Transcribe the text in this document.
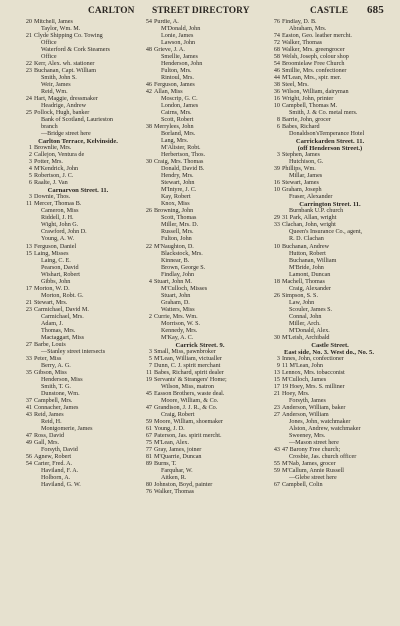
CARLTON STREET DIRECTORY	CASTLE 685
20 Mitchell, James
Taylor, Wm. M.
21 Clyde Shipping Co. Towing
Office
Waterford & Cork Steamers
Office
22 Kerr, Alex. wh. stationer
23 Buchanan, Capt. William
Smith, John S.
Weir, James
Reid, Wm.
24 Hart, Maggie, dressmaker
Headrige, Andrew
25 Pollock, Hugh, banker
Bank of Scotland, Laurieston
branch
—Bridge street here
Carlton Terrace, Kelvinside.
1 Brownlie, Mrs.
2 Callejon, Ventura de
3 Potter, Mrs.
4 M'Kendrick, John
5 Robertson, J. C.
6 Raalte, J. Van
Carnarvon Street. 11.
3 Downie, Thos.
11 Mercer, Thomas B.
Cameron, Miss
Riddell, J. H.
Wight, John G.
Crawford, John D.
Young, A. W.
13 Ferguson, Daniel
15 Laing, Misses
Laing, C. E.
Pearson, David
Wishart, Robert
Gibbs, John
17 Morton, W. D.
Morton, Robt. G.
21 Stewart, Mrs.
23 Carmichael, David M.
Carmichael, Mrs.
Adam, J.
Thomas, Mrs.
Mactaggart, Miss
27 Barbe, Louis
—Stanley street intersects
33 Peter, Miss
Berry, A. G.
35 Gibson, Miss
Henderson, Miss
Smith, T. G.
Dunstone, Wm.
37 Campbell, Mrs.
41 Connacher, James
43 Reid, James
Reid, H.
Montgomerie, James
47 Ross, David
49 Gall, Mrs.
Forsyth, David
56 Agnew, Robert
54 Carter, Fred. A.
Haviland, F. A.
Holborn, A.
Haviland, G. W.
54 Purdie, A.
M'Donald, John
Lonie, James
Lawson, John
48 Grieve, J. A.
Smellie, James
Henderson, John
Fulton, Mrs.
Rintoul, Mrs.
46 Ferguson, James
42 Allan, Miss
Moscrip, G. C.
London, James
Cairns, Mrs.
Scott, Robert
38 Merrylees, John
Borland, Mrs.
Lang, Mrs.
M'Alister, Robt.
Herbertson, Thos.
30 Craig, Mrs. Thomas
Donald, David B.
Hendry, Mrs.
Stewart, John
M'Intyre, J. C.
Kay, Robert
Knox, Miss
26 Browning, John
Scott, Thomas
Miller, Mrs. D.
Russell, Mrs.
Fulton, John
22 M'Naughton, D.
Blackstock, Mrs.
Kinnear, B.
Brown, George S.
Findlay, John
4 Stuart, John M.
M'Culloch, Misses
Stuart, John
Graham, D.
Watters, Miss
2 Currie, Mrs. Wm.
Morrison, W. S.
Kennedy, Mrs.
M'Kay, A. C.
Carrick Street. 9.
3 Small, Miss, pawnbroker
5 M'Lean, William, victualler
7 Dunn, C. J. spirit merchant
11 Babes, Richard, spirit dealer
19 Servants' & Strangers' Home;
Wilson, Miss, matron
45 Easson Brothers, waste deal.
Moore, William, & Co.
47 Grandison, J. J. R., & Co.
Craig, Robert
59 Moore, William, shoemaker
61 Young, J. D.
67 Paterson, Jas. spirit mercht.
75 M'Lean, Alex.
77 Gray, James, joiner
81 M'Quarrie, Duncan
89 Burns, T.
Farquhar, W.
Aitken, R.
80 Johnston, Boyd, painter
76 Walker, Thomas
76 Findlay, D. B.
Abraham, Mrs.
74 Easton, Geo. leather mercht.
72 Walker, Thomas
68 Walker, Mrs. greengrocer
58 Welsh, Joseph, colour shop
54 Broomielaw Free Church
46 Smillie, Mrs. confectioner
44 M'Lean, Mrs., spir. mer.
38 Steel, Mrs.
36 Wilson, William, dairyman
16 Wright, John, printer
10 Campbell, Thomas M.
Smith, J. & Co. metal mers.
8 Barrie, John, grocer
6 Babes, Richard
Donaldson'sTemperance Hotel
Carrickarden Street. 11.
(off Henderson Street.)
3 Stephen, James
Hutchison, G.
39 Phillips, Wm.
Millar, James
16 Stewart, James
10 Graham, Joseph
Fraser, Alexander
Carrington Street. 11.
Burnbank U.P. church
29 31 Park, Allan, wright
33 Clachan, John, wright
Queen's Insurance Co., agent,
R. D. Clachan
10 Buchanan, Andrew
Hutton, Robert
Buchanan, William
M'Bride, John
Lamont, Duncan
18 Machell, Thomas
Craig, Alexander
26 Simpson, S. S.
Law, John
Scouler, James S.
Connal, John
Miller, Arch.
M'Donald, Alex.
30 M'Leish, Archibald
Castle Street.
East side, No. 3. West do., No. 5.
3 Innes, John, confectioner
9 11 M'Lean, John
13 Lennox, Mrs. tobacconist
15 M'Culloch, James
17 19 Hoey, Mrs. S. milliner
21 Hoey, Mrs.
Forsyth, James
23 Anderson, William, baker
27 Anderson, William
Jones, John, watchmaker
Alston, Andrew, watchmaker
Sweeney, Mrs.
—Mason street here
43 47 Barony Free church;
Crosbie, Jas. church officer
55 M'Nab, James, grocer
59 M'Callum, Annie Russell
—Glebe street here
67 Campbell, Colin
